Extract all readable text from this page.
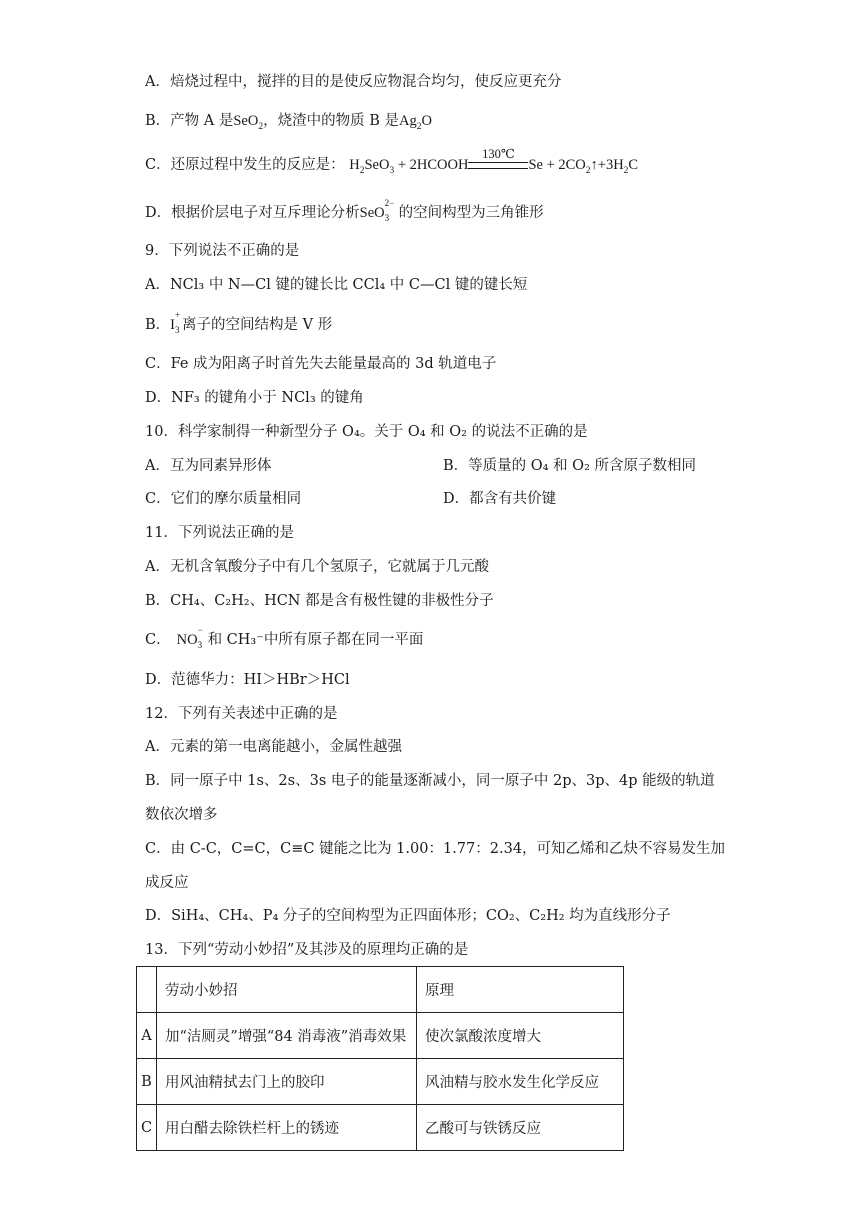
A．焙烧过程中，搅拌的目的是使反应物混合均匀，使反应更充分
B．产物 A 是SeO$_2$，烧渣中的物质 B 是$Ag_2O$
C．还原过程中发生的反应是： $H_2SeO_3$ + 2HCOOH
130℃
$Se + 2CO_2↑+3H_2C$
D．根据价层电子对互斥理论分析SeO
2−
3 的空间构型为三角锥形
9．下列说法不正确的是
A．NCl₃ 中 N—Cl 键的键长比 CCl₄ 中 C—Cl 键的键长短
B．I
+
3 离子的空间结构是 V 形
C．Fe 成为阳离子时首先失去能量最高的 3d 轨道电子
D．NF₃ 的键角小于 NCl₃ 的键角
10．科学家制得一种新型分子 O₄。关于 O₄ 和 O₂ 的说法不正确的是
A．互为同素异形体	B．等质量的 O₄ 和 O₂ 所含原子数相同
C．它们的摩尔质量相同	D．都含有共价键
11．下列说法正确的是
A．无机含氧酸分子中有几个氢原子，它就属于几元酸
B．CH₄、C₂H₂、HCN 都是含有极性键的非极性分子
C． NO
−
3 和 CH₃⁻中所有原子都在同一平面
D．范德华力：HI＞HBr＞HCl
12．下列有关表述中正确的是
A．元素的第一电离能越小，金属性越强
B．同一原子中 1s、2s、3s 电子的能量逐渐减小，同一原子中 2p、3p、4p 能级的轨道
数依次增多
C．由 C-C，C=C，C≡C 键能之比为 1.00：1.77：2.34，可知乙烯和乙炔不容易发生加
成反应
D．SiH₄、CH₄、P₄ 分子的空间构型为正四面体形；CO₂、C₂H₂ 均为直线形分子
13．下列“劳动小妙招”及其涉及的原理均正确的是
	劳动小妙招	原理
A	加“洁厕灵”增强“84 消毒液”消毒效果	使次氯酸浓度增大
B	用风油精拭去门上的胶印	风油精与胶水发生化学反应
C	用白醋去除铁栏杆上的锈迹	乙酸可与铁锈反应
